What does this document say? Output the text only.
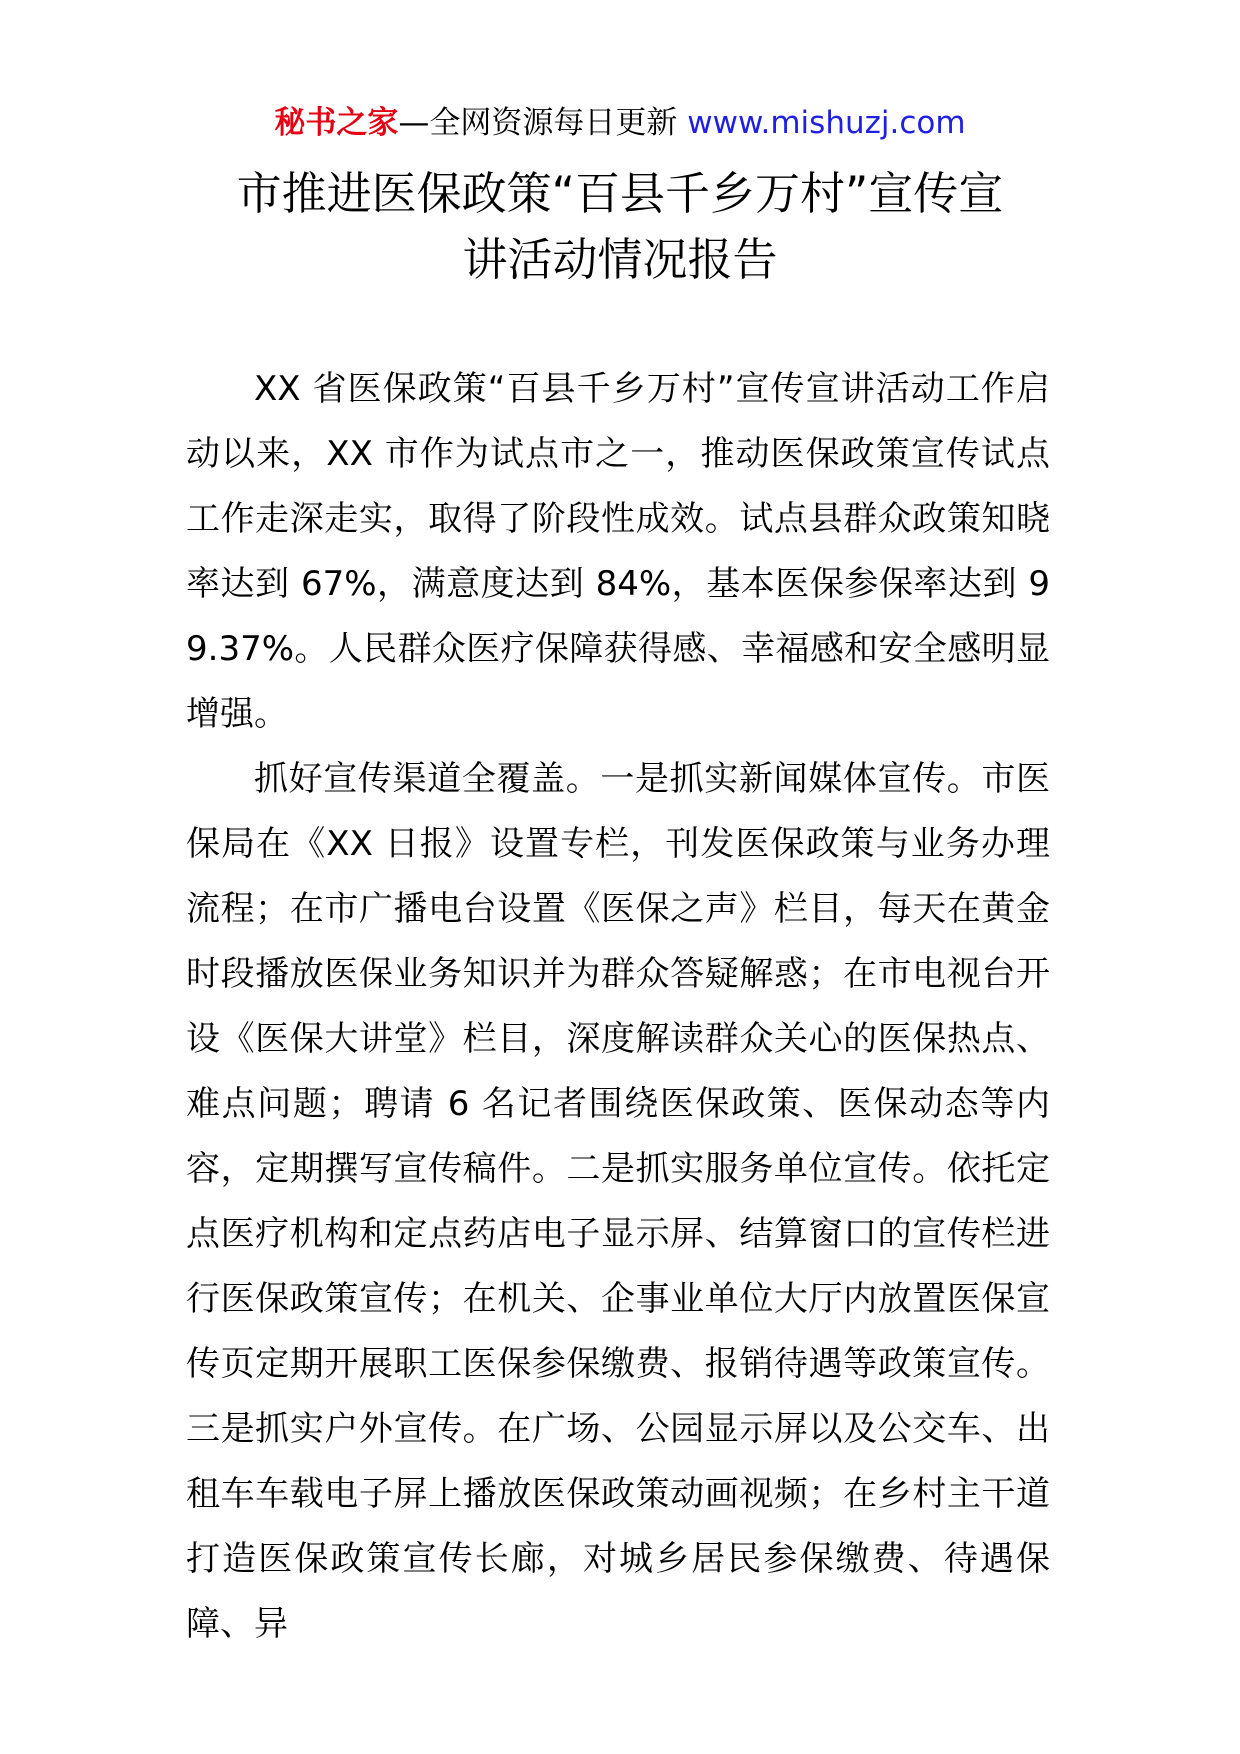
秘书之家—全网资源每日更新 www.mishuzj.com
市推进医保政策“百县千乡万村”宣传宣
讲活动情况报告

XX 省医保政策“百县千乡万村”宣传宣讲活动工作启动以来，XX 市作为试点市之一，推动医保政策宣传试点工作走深走实，取得了阶段性成效。试点县群众政策知晓率达到 67%，满意度达到 84%，基本医保参保率达到 99.37%。人民群众医疗保障获得感、幸福感和安全感明显增强。

抓好宣传渠道全覆盖。一是抓实新闻媒体宣传。市医保局在《XX 日报》设置专栏，刊发医保政策与业务办理流程；在市广播电台设置《医保之声》栏目，每天在黄金时段播放医保业务知识并为群众答疑解惑；在市电视台开设《医保大讲堂》栏目，深度解读群众关心的医保热点、难点问题；聘请 6 名记者围绕医保政策、医保动态等内容，定期撰写宣传稿件。二是抓实服务单位宣传。依托定点医疗机构和定点药店电子显示屏、结算窗口的宣传栏进行医保政策宣传；在机关、企事业单位大厅内放置医保宣传页定期开展职工医保参保缴费、报销待遇等政策宣传。三是抓实户外宣传。在广场、公园显示屏以及公交车、出租车车载电子屏上播放医保政策动画视频；在乡村主干道打造医保政策宣传长廊，对城乡居民参保缴费、待遇保障、异
